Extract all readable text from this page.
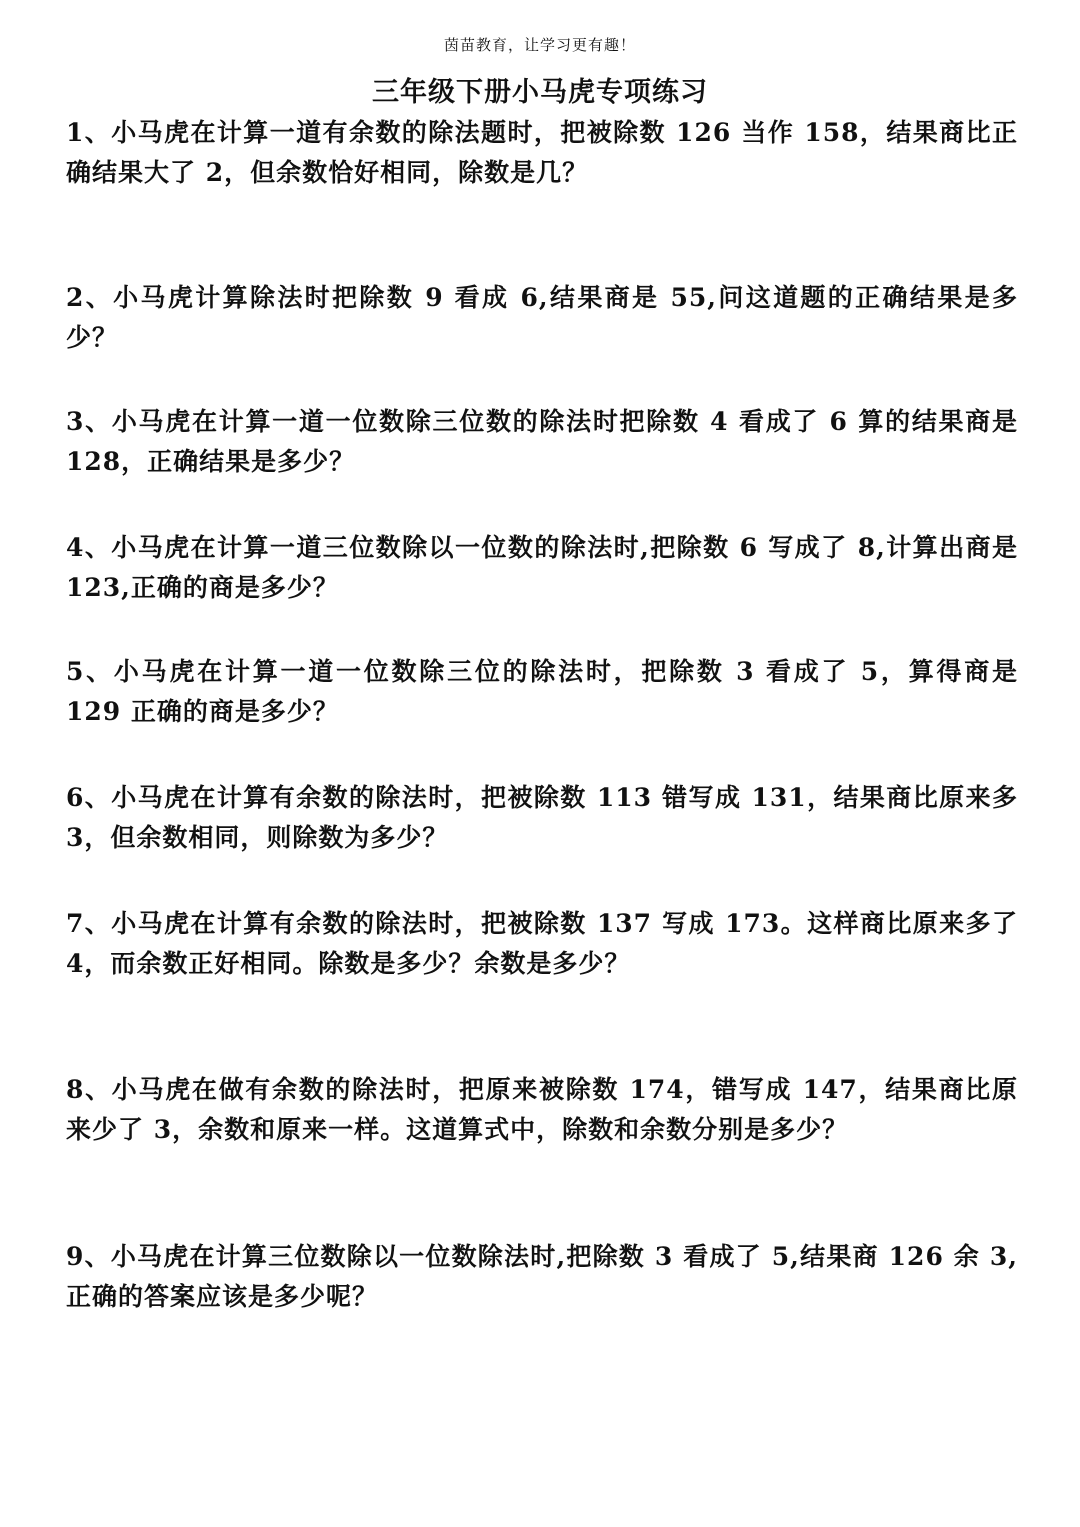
茵苗教育，让学习更有趣！
三年级下册小马虎专项练习
1、小马虎在计算一道有余数的除法题时，把被除数 126 当作 158，结果商比正确结果大了 2，但余数恰好相同，除数是几？
2、小马虎计算除法时把除数 9 看成 6,结果商是 55,问这道题的正确结果是多少？
3、小马虎在计算一道一位数除三位数的除法时把除数 4 看成了 6 算的结果商是 128，正确结果是多少？
4、小马虎在计算一道三位数除以一位数的除法时,把除数 6 写成了 8,计算出商是 123,正确的商是多少？
5、小马虎在计算一道一位数除三位的除法时，把除数 3 看成了 5，算得商是 129 正确的商是多少？
6、小马虎在计算有余数的除法时，把被除数 113 错写成 131，结果商比原来多 3，但余数相同，则除数为多少？
7、小马虎在计算有余数的除法时，把被除数 137 写成 173。这样商比原来多了 4，而余数正好相同。除数是多少？余数是多少？
8、小马虎在做有余数的除法时，把原来被除数 174，错写成 147，结果商比原来少了 3，余数和原来一样。这道算式中，除数和余数分别是多少？
9、小马虎在计算三位数除以一位数除法时,把除数 3 看成了 5,结果商 126 余 3,正确的答案应该是多少呢？
